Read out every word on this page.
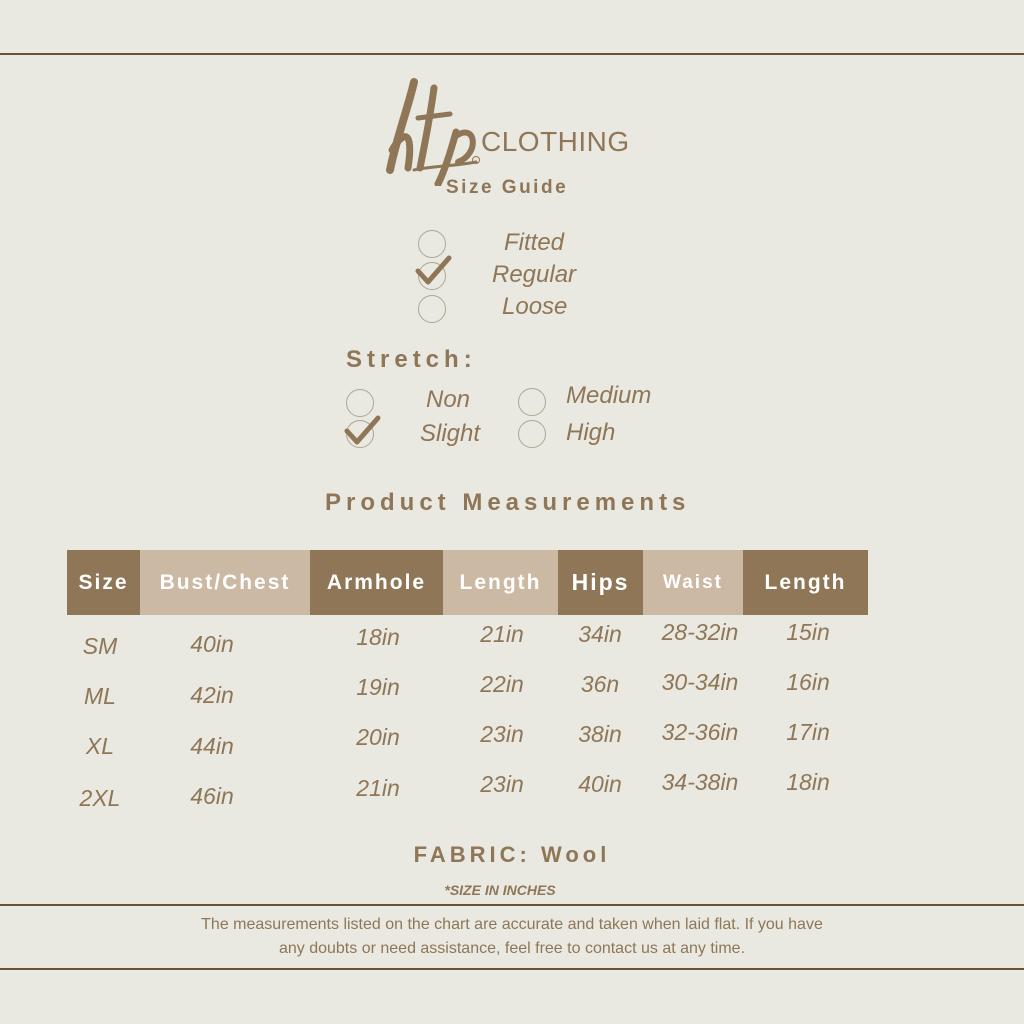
CLOTHING
Size Guide
Fitted
Regular
Loose
Stretch:
Non
Slight
Medium
High
Product Measurements
Size	Bust/Chest	Armhole	Length	Hips	Waist	Length
SM	40in	18in	21in	34in	28-32in	15in
ML	42in	19in	22in	36n	30-34in	16in
XL	44in	20in	23in	38in	32-36in	17in
2XL	46in	21in	23in	40in	34-38in	18in
FABRIC: Wool
*SIZE IN INCHES
The measurements listed on the chart are accurate and taken when laid flat. If you have
any doubts or need assistance, feel free to contact us at any time.
